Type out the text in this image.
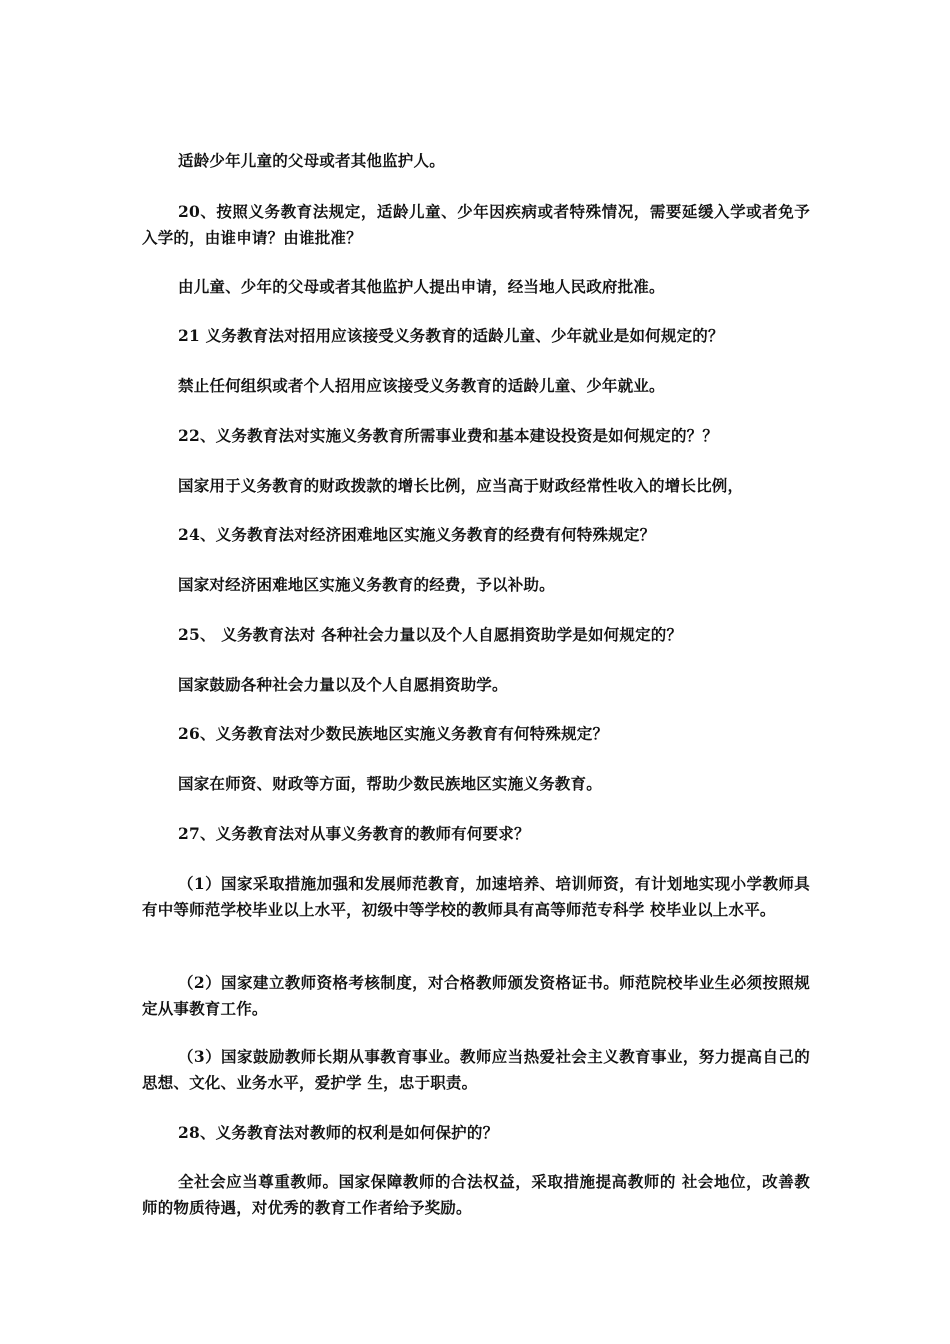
适龄少年儿童的父母或者其他监护人。
20、按照义务教育法规定，适龄儿童、少年因疾病或者特殊情况，需要延缓入学或者免予入学的，由谁申请？由谁批准？
由儿童、少年的父母或者其他监护人提出申请，经当地人民政府批准。
21 义务教育法对招用应该接受义务教育的适龄儿童、少年就业是如何规定的？
禁止任何组织或者个人招用应该接受义务教育的适龄儿童、少年就业。
22、义务教育法对实施义务教育所需事业费和基本建设投资是如何规定的？？
国家用于义务教育的财政拨款的增长比例，应当高于财政经常性收入的增长比例，
24、义务教育法对经济困难地区实施义务教育的经费有何特殊规定？
国家对经济困难地区实施义务教育的经费，予以补助。
25、 义务教育法对 各种社会力量以及个人自愿捐资助学是如何规定的？
国家鼓励各种社会力量以及个人自愿捐资助学。
26、义务教育法对少数民族地区实施义务教育有何特殊规定？
国家在师资、财政等方面，帮助少数民族地区实施义务教育。
27、义务教育法对从事义务教育的教师有何要求？
（1）国家采取措施加强和发展师范教育，加速培养、培训师资，有计划地实现小学教师具有中等师范学校毕业以上水平，初级中等学校的教师具有高等师范专科学 校毕业以上水平。
（2）国家建立教师资格考核制度，对合格教师颁发资格证书。师范院校毕业生必须按照规定从事教育工作。
（3）国家鼓励教师长期从事教育事业。教师应当热爱社会主义教育事业，努力提高自己的思想、文化、业务水平，爱护学 生，忠于职责。
28、义务教育法对教师的权利是如何保护的？
全社会应当尊重教师。国家保障教师的合法权益，采取措施提高教师的 社会地位，改善教师的物质待遇，对优秀的教育工作者给予奖励。
